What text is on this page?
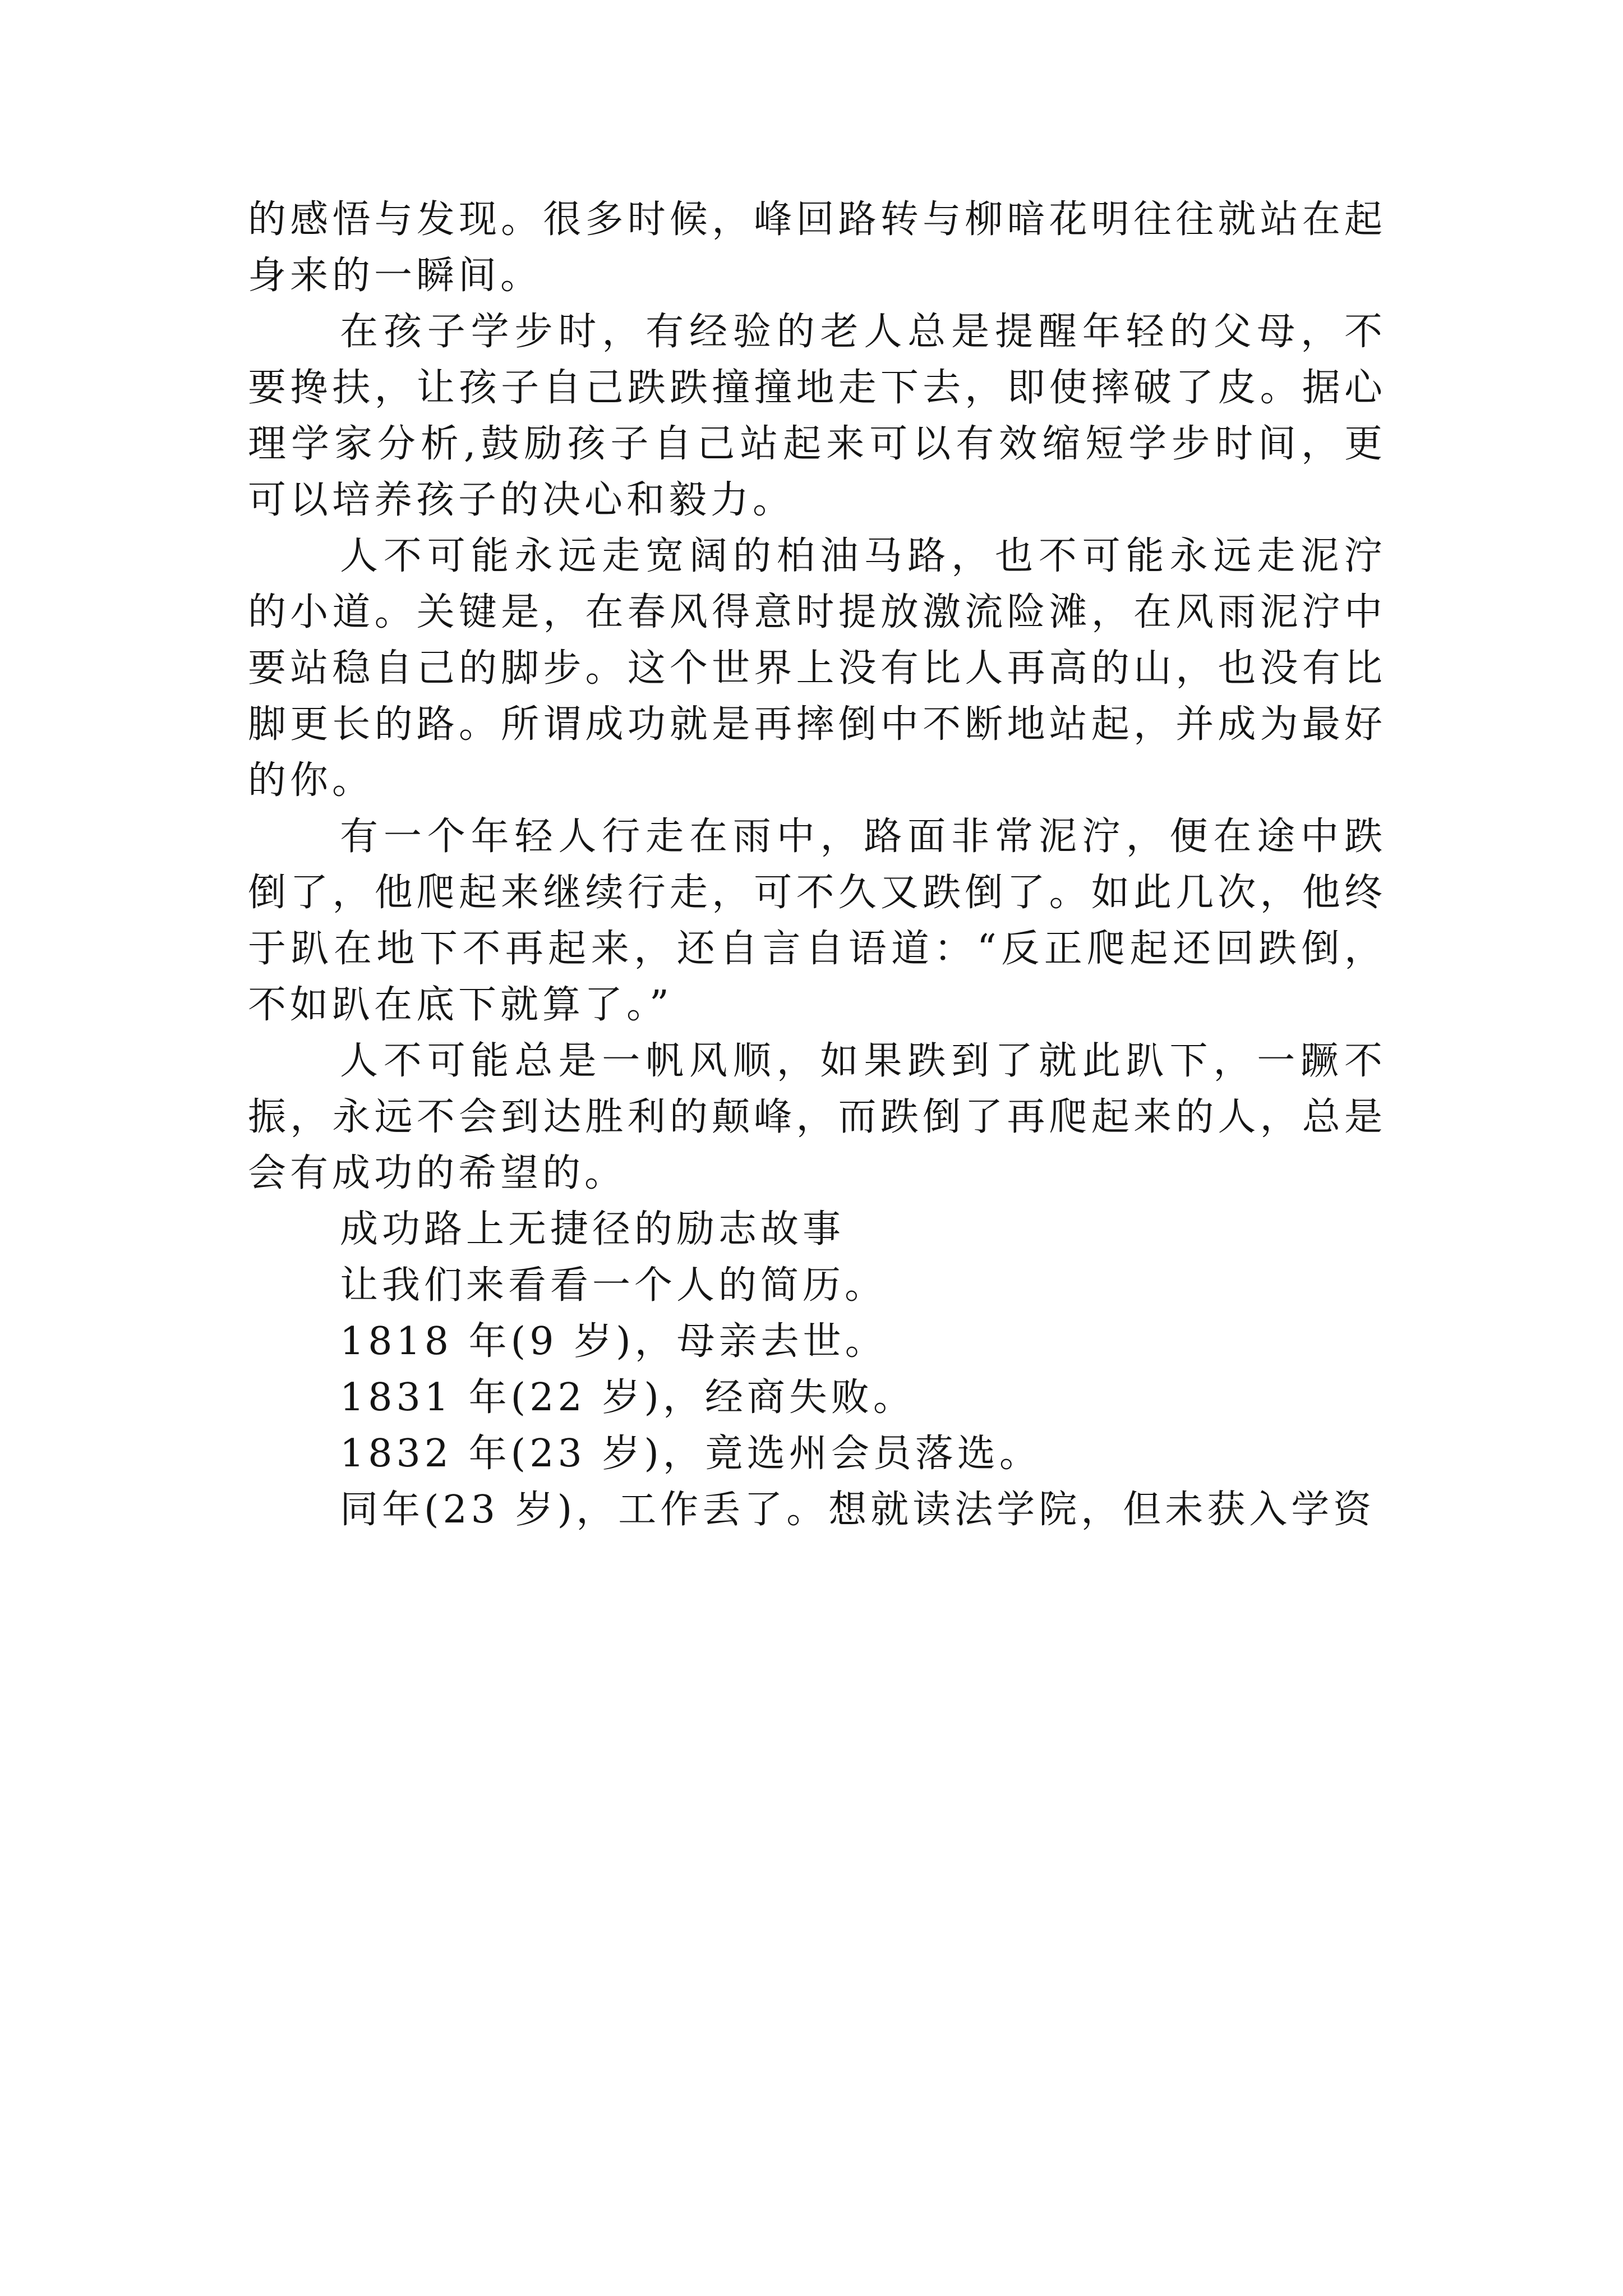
的感悟与发现。很多时候，峰回路转与柳暗花明往往就站在起身来的一瞬间。

在孩子学步时，有经验的老人总是提醒年轻的父母，不要搀扶，让孩子自己跌跌撞撞地走下去，即使摔破了皮。据心理学家分析,鼓励孩子自己站起来可以有效缩短学步时间，更可以培养孩子的决心和毅力。

人不可能永远走宽阔的柏油马路，也不可能永远走泥泞的小道。关键是，在春风得意时提放激流险滩，在风雨泥泞中要站稳自己的脚步。这个世界上没有比人再高的山，也没有比脚更长的路。所谓成功就是再摔倒中不断地站起，并成为最好的你。

有一个年轻人行走在雨中，路面非常泥泞，便在途中跌倒了，他爬起来继续行走，可不久又跌倒了。如此几次，他终于趴在地下不再起来，还自言自语道：“反正爬起还回跌倒，不如趴在底下就算了。”

人不可能总是一帆风顺，如果跌到了就此趴下，一蹶不振，永远不会到达胜利的颠峰，而跌倒了再爬起来的人，总是会有成功的希望的。

成功路上无捷径的励志故事

让我们来看看一个人的简历。

1818 年(9 岁)，母亲去世。

1831 年(22 岁)，经商失败。

1832 年(23 岁)，竟选州会员落选。

同年(23 岁)，工作丢了。想就读法学院，但未获入学资
